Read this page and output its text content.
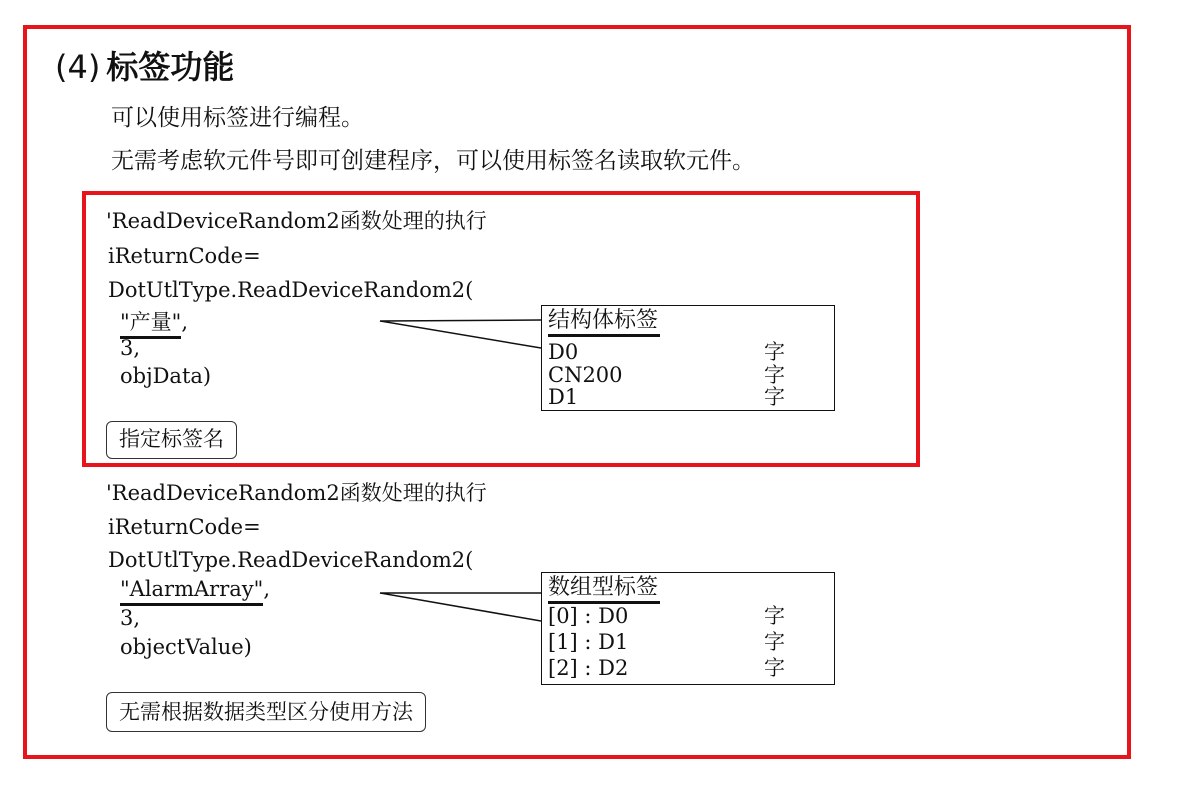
(4) 标签功能
可以使用标签进行编程。
无需考虑软元件号即可创建程序，可以使用标签名读取软元件。
'ReadDeviceRandom2函数处理的执行
iReturnCode=
DotUtlType.ReadDeviceRandom2(
"产量",
3,
objData)
结构体标签
D0	字
CN200	字
D1	字
指定标签名
'ReadDeviceRandom2函数处理的执行
iReturnCode=
DotUtlType.ReadDeviceRandom2(
"AlarmArray",
3,
objectValue)
数组型标签
[0] : D0	字
[1] : D1	字
[2] : D2	字
无需根据数据类型区分使用方法
